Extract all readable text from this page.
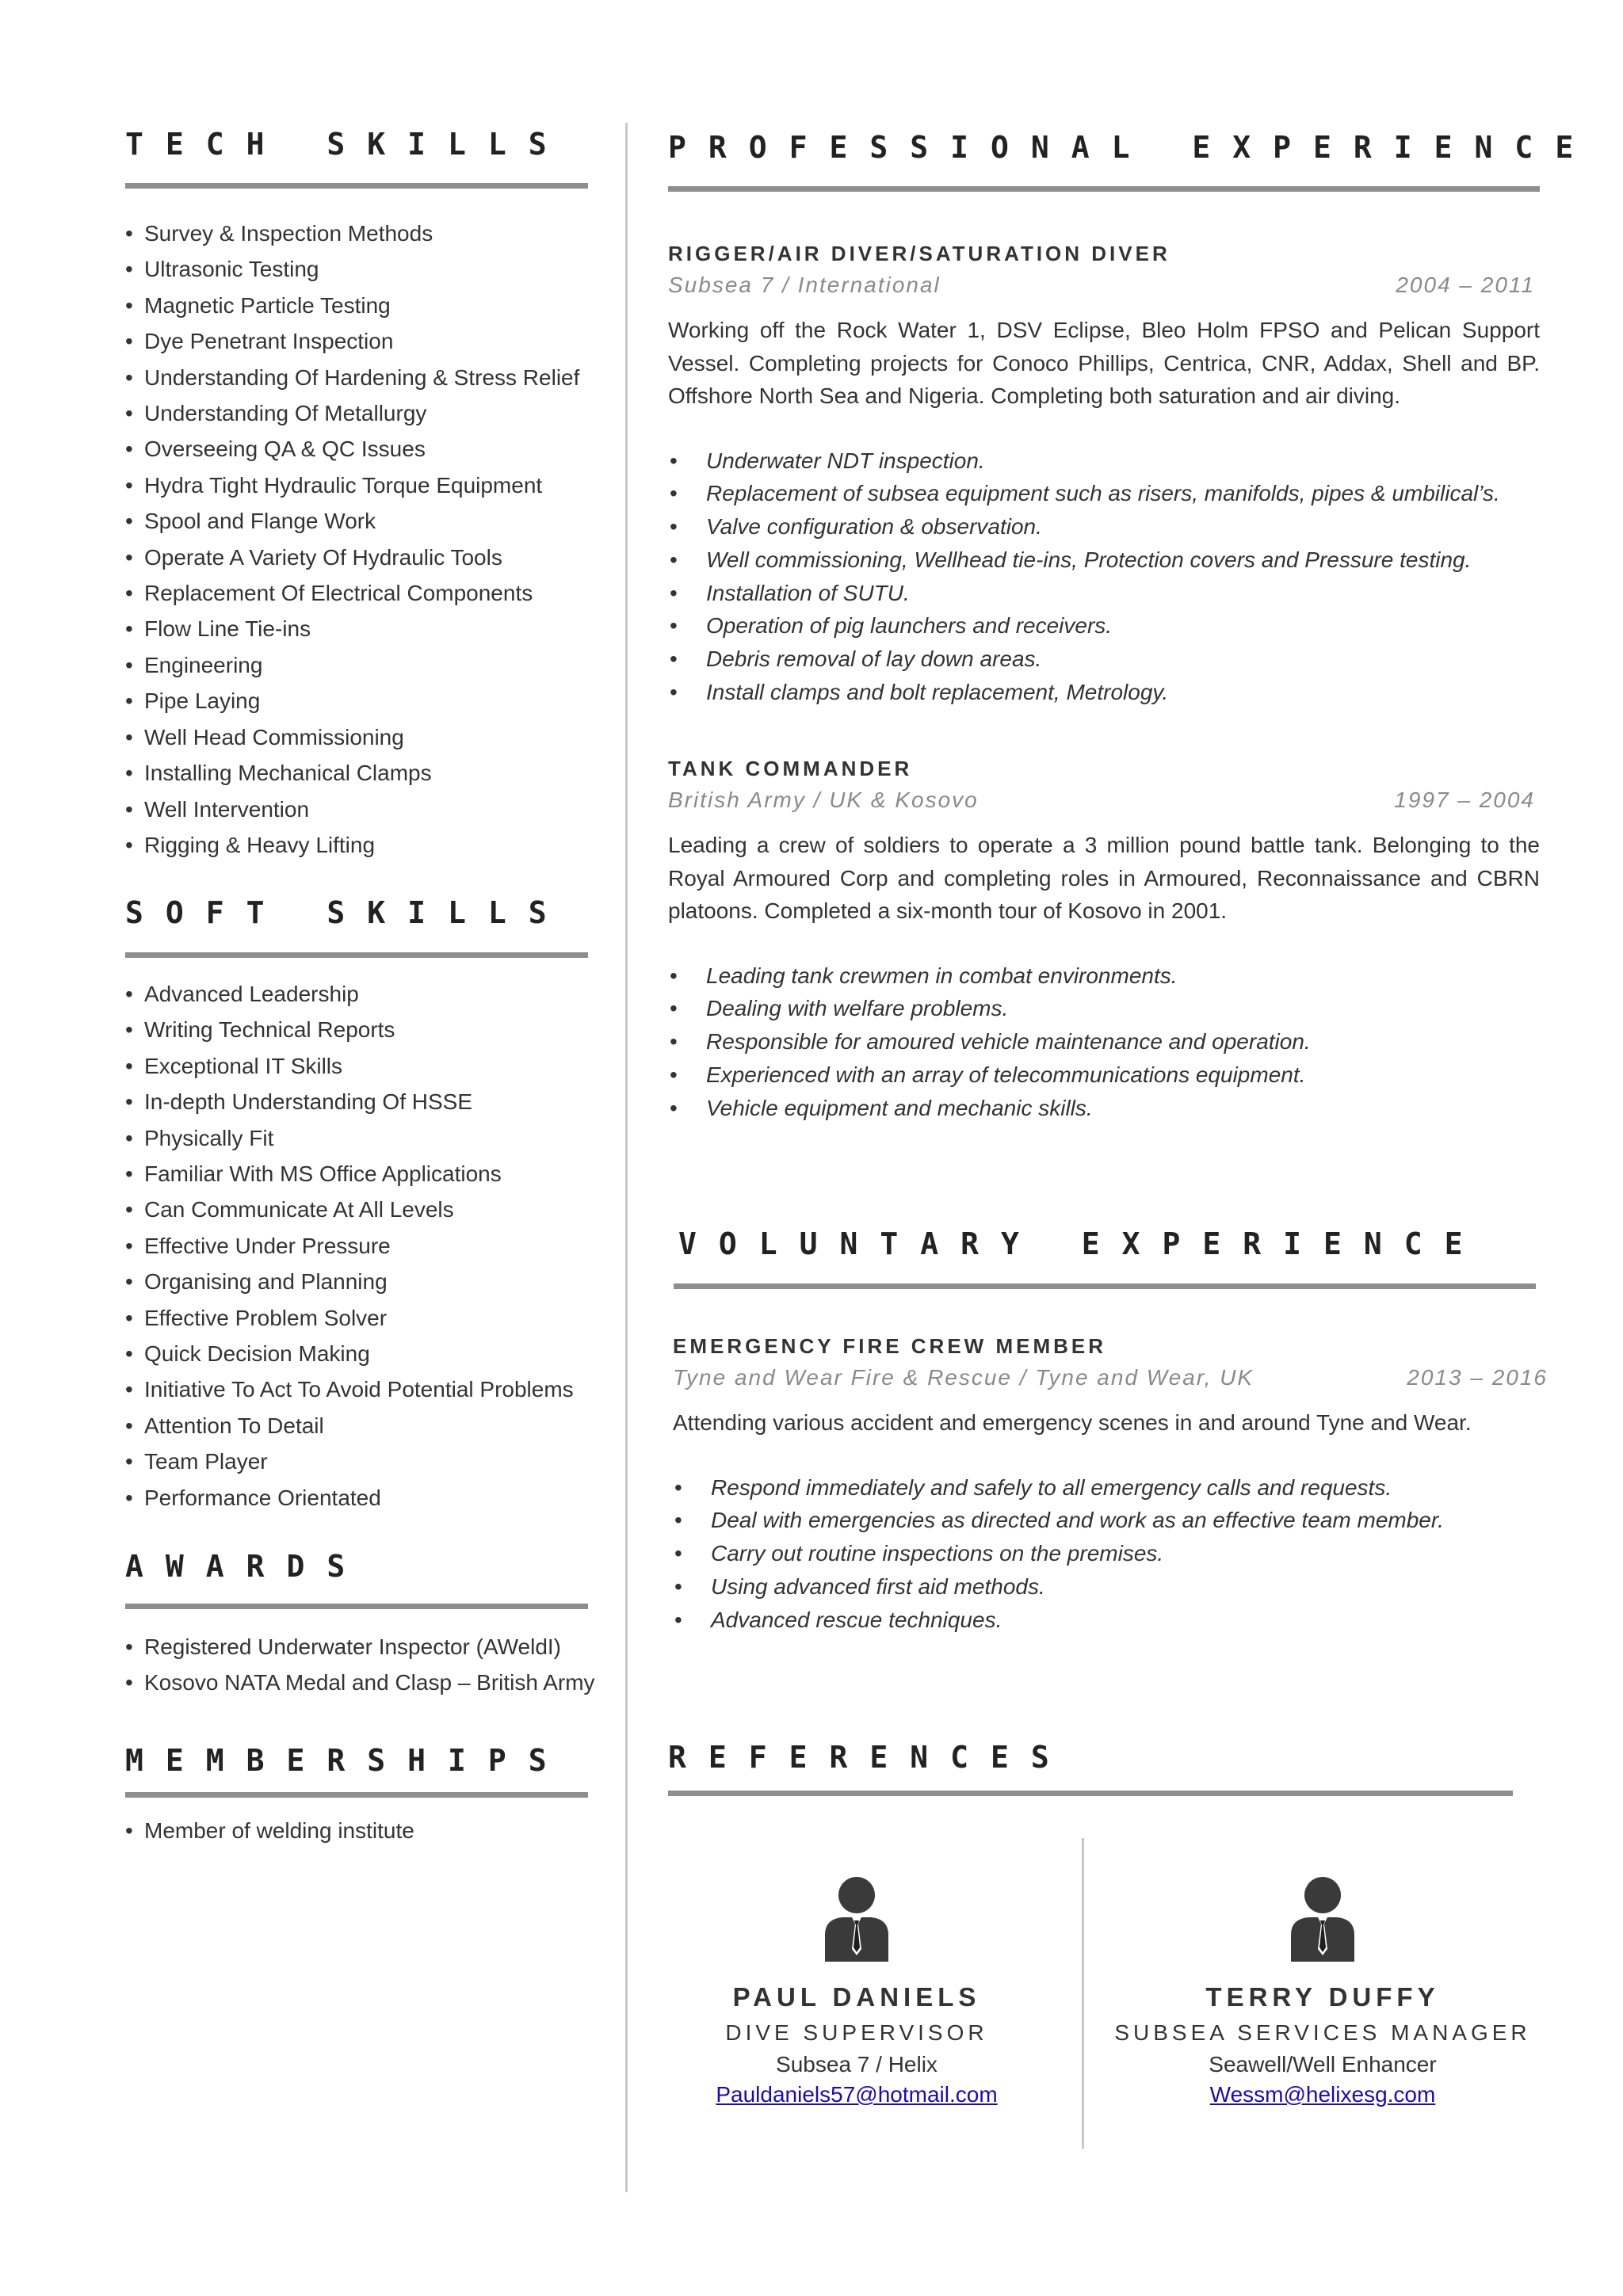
TECH SKILLS
• Survey & Inspection Methods
• Ultrasonic Testing
• Magnetic Particle Testing
• Dye Penetrant Inspection
• Understanding Of Hardening & Stress Relief
• Understanding Of Metallurgy
• Overseeing QA & QC Issues
• Hydra Tight Hydraulic Torque Equipment
• Spool and Flange Work
• Operate A Variety Of Hydraulic Tools
• Replacement Of Electrical Components
• Flow Line Tie-ins
• Engineering
• Pipe Laying
• Well Head Commissioning
• Installing Mechanical Clamps
• Well Intervention
• Rigging & Heavy Lifting
SOFT SKILLS
• Advanced Leadership
• Writing Technical Reports
• Exceptional IT Skills
• In-depth Understanding Of HSSE
• Physically Fit
• Familiar With MS Office Applications
• Can Communicate At All Levels
• Effective Under Pressure
• Organising and Planning
• Effective Problem Solver
• Quick Decision Making
• Initiative To Act To Avoid Potential Problems
• Attention To Detail
• Team Player
• Performance Orientated
AWARDS
• Registered Underwater Inspector (AWeldI)
• Kosovo NATA Medal and Clasp – British Army
MEMBERSHIPS
• Member of welding institute
PROFESSIONAL EXPERIENCE
RIGGER/AIR DIVER/SATURATION DIVER
Subsea 7 / International	2004 – 2011
Working off the Rock Water 1, DSV Eclipse, Bleo Holm FPSO and Pelican Support Vessel. Completing projects for Conoco Phillips, Centrica, CNR, Addax, Shell and BP. Offshore North Sea and Nigeria. Completing both saturation and air diving.
• Underwater NDT inspection.
• Replacement of subsea equipment such as risers, manifolds, pipes & umbilical’s.
• Valve configuration & observation.
• Well commissioning, Wellhead tie-ins, Protection covers and Pressure testing.
• Installation of SUTU.
• Operation of pig launchers and receivers.
• Debris removal of lay down areas.
• Install clamps and bolt replacement, Metrology.
TANK COMMANDER
British Army / UK & Kosovo	1997 – 2004
Leading a crew of soldiers to operate a 3 million pound battle tank. Belonging to the Royal Armoured Corp and completing roles in Armoured, Reconnaissance and CBRN platoons. Completed a six-month tour of Kosovo in 2001.
• Leading tank crewmen in combat environments.
• Dealing with welfare problems.
• Responsible for amoured vehicle maintenance and operation.
• Experienced with an array of telecommunications equipment.
• Vehicle equipment and mechanic skills.
VOLUNTARY EXPERIENCE
EMERGENCY FIRE CREW MEMBER
Tyne and Wear Fire & Rescue / Tyne and Wear, UK	2013 – 2016
Attending various accident and emergency scenes in and around Tyne and Wear.
• Respond immediately and safely to all emergency calls and requests.
• Deal with emergencies as directed and work as an effective team member.
• Carry out routine inspections on the premises.
• Using advanced first aid methods.
• Advanced rescue techniques.
REFERENCES
PAUL DANIELS
DIVE SUPERVISOR
Subsea 7 / Helix
Pauldaniels57@hotmail.com
TERRY DUFFY
SUBSEA SERVICES MANAGER
Seawell/Well Enhancer
Wessm@helixesg.com
